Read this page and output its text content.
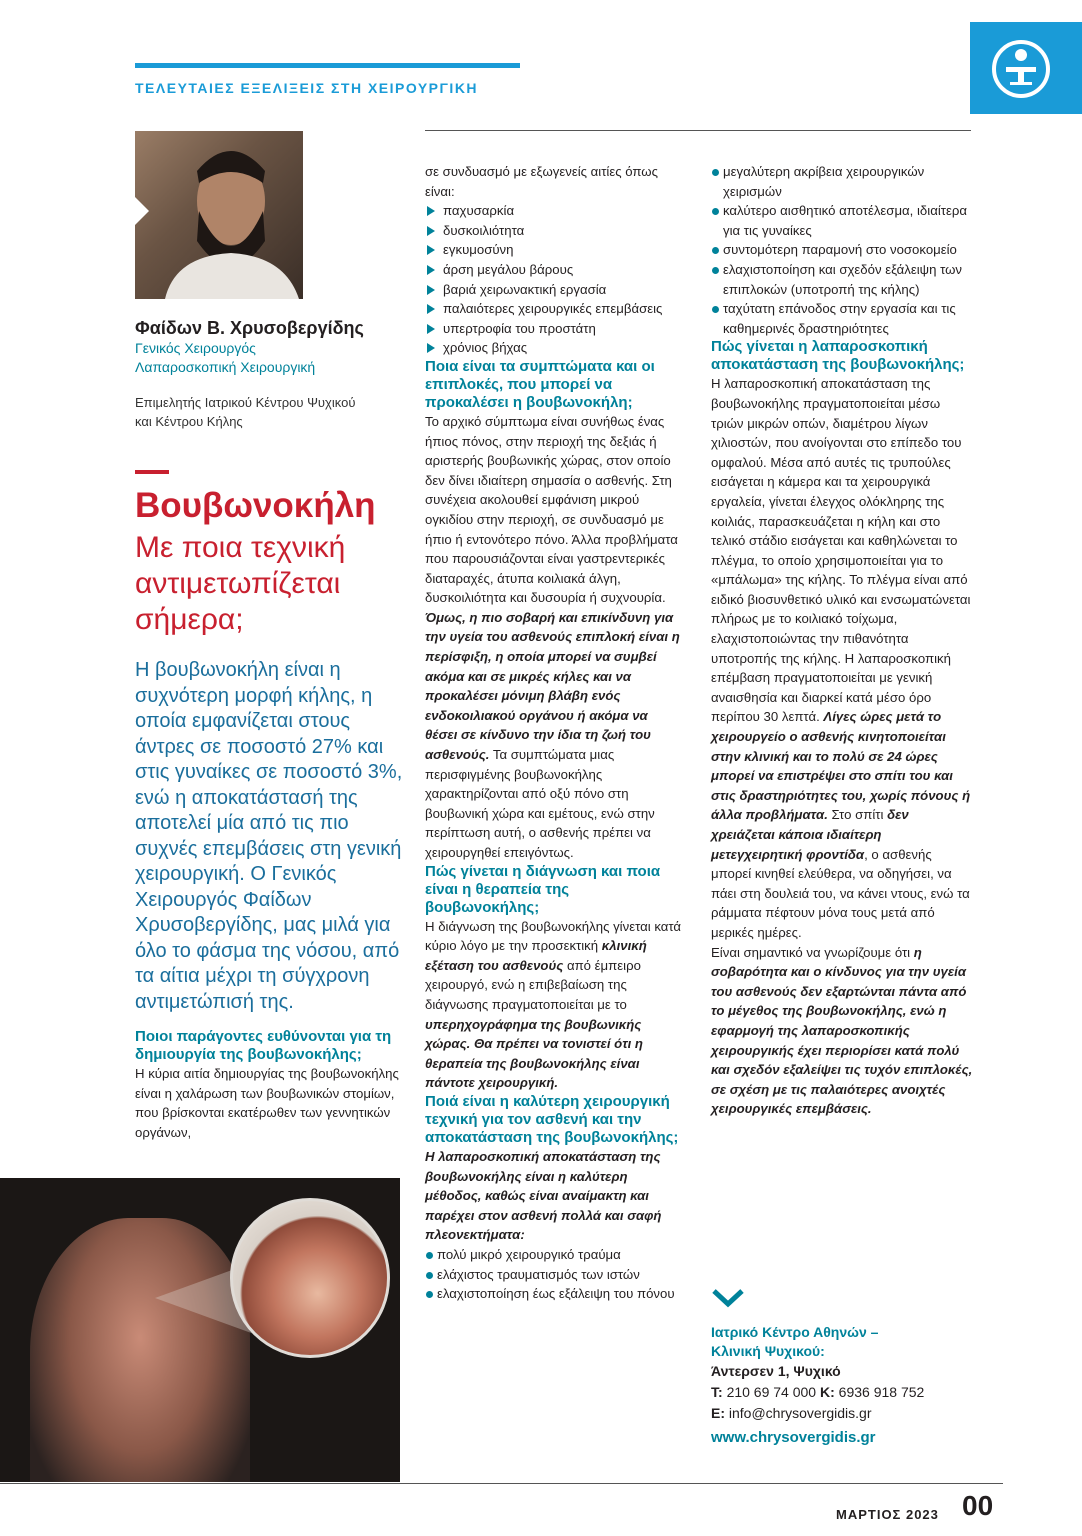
ΤΕΛΕΥΤΑΙΕΣ ΕΞΕΛΙΞΕΙΣ ΣΤΗ ΧΕΙΡΟΥΡΓΙΚΗ
Φαίδων Β. Χρυσοβεργίδης
Γενικός Χειρουργός
Λαπαροσκοπική Χειρουργική
Επιμελητής Ιατρικού Κέντρου Ψυχικού
και Κέντρου Κήλης
Βουβωνοκήλη
Με ποια τεχνική αντιμετωπίζεται σήμερα;
Η βουβωνοκήλη είναι η συχνότερη μορφή κήλης, η οποία εμφανίζεται στους άντρες σε ποσοστό 27% και στις γυναίκες σε ποσοστό 3%, ενώ η αποκατάστασή της αποτελεί μία από τις πιο συχνές επεμβάσεις στη γενική χειρουργική. Ο Γενικός Χειρουργός Φαίδων Χρυσοβεργίδης, μας μιλά για όλο το φάσμα της νόσου, από τα αίτια μέχρι τη σύγχρονη αντιμετώπισή της.
Ποιοι παράγοντες ευθύνονται για τη δημιουργία της βουβωνοκήλης;

Η κύρια αιτία δημιουργίας της βουβωνοκήλης είναι η χαλάρωση των βουβωνικών στομίων, που βρίσκονται εκατέρωθεν των γεννητικών οργάνων,

σε συνδυασμό με εξωγενείς αιτίες όπως είναι:

παχυσαρκία
δυσκοιλιότητα
εγκυμοσύνη
άρση μεγάλου βάρους
βαριά χειρωνακτική εργασία
παλαιότερες χειρουργικές επεμβάσεις
υπερτροφία του προστάτη
χρόνιος βήχας
Ποια είναι τα συμπτώματα και οι επιπλοκές, που μπορεί να προκαλέσει η βουβωνοκήλη;

Το αρχικό σύμπτωμα είναι συνήθως ένας ήπιος πόνος, στην περιοχή της δεξιάς ή αριστερής βουβωνικής χώρας, στον οποίο δεν δίνει ιδιαίτερη σημασία ο ασθενής. Στη συνέχεια ακολουθεί εμφάνιση μικρού ογκιδίου στην περιοχή, σε συνδυασμό με ήπιο ή εντονότερο πόνο. Άλλα προβλήματα που παρουσιάζονται είναι γαστρεντερικές διαταραχές, άτυπα κοιλιακά άλγη, δυσκοιλιότητα και δυσουρία ή συχνουρία.

Όμως, η πιο σοβαρή και επικίνδυνη για την υγεία του ασθενούς επιπλοκή είναι η περίσφιξη, η οποία μπορεί να συμβεί ακόμα και σε μικρές κήλες και να προκαλέσει μόνιμη βλάβη ενός ενδοκοιλιακού οργάνου ή ακόμα να θέσει σε κίνδυνο την ίδια τη ζωή του ασθενούς. Τα συμπτώματα μιας περισφιγμένης βουβωνοκήλης χαρακτηρίζονται από οξύ πόνο στη βουβωνική χώρα και εμέτους, ενώ στην περίπτωση αυτή, ο ασθενής πρέπει να χειρουργηθεί επειγόντως.

Πώς γίνεται η διάγνωση και ποια είναι η θεραπεία της βουβωνοκήλης;

Η διάγνωση της βουβωνοκήλης γίνεται κατά κύριο λόγο με την προσεκτική κλινική εξέταση του ασθενούς από έμπειρο χειρουργό, ενώ η επιβεβαίωση της διάγνωσης πραγματοποιείται με το υπερηχογράφημα της βουβωνικής χώρας. Θα πρέπει να τονιστεί ότι η θεραπεία της βουβωνοκήλης είναι πάντοτε χειρουργική.

Ποιά είναι η καλύτερη χειρουργική τεχνική για τον ασθενή και την αποκατάσταση της βουβωνοκήλης;

Η λαπαροσκοπική αποκατάσταση της βουβωνοκήλης είναι η καλύτερη μέθοδος, καθώς είναι αναίμακτη και παρέχει στον ασθενή πολλά και σαφή πλεονεκτήματα:

πολύ μικρό χειρουργικό τραύμα
ελάχιστος τραυματισμός των ιστών
ελαχιστοποίηση έως εξάλειψη του πόνου
μεγαλύτερη ακρίβεια χειρουργικών χειρισμών
καλύτερο αισθητικό αποτέλεσμα, ιδιαίτερα για τις γυναίκες
συντομότερη παραμονή στο νοσοκομείο
ελαχιστοποίηση και σχεδόν εξάλειψη των επιπλοκών (υποτροπή της κήλης)
ταχύτατη επάνοδος στην εργασία και τις καθημερινές δραστηριότητες
Πώς γίνεται η λαπαροσκοπική αποκατάσταση της βουβωνοκήλης;

Η λαπαροσκοπική αποκατάσταση της βουβωνοκήλης πραγματοποιείται μέσω τριών μικρών οπών, διαμέτρου λίγων χιλιοστών, που ανοίγονται στο επίπεδο του ομφαλού. Μέσα από αυτές τις τρυπούλες εισάγεται η κάμερα και τα χειρουργικά εργαλεία, γίνεται έλεγχος ολόκληρης της κοιλιάς, παρασκευάζεται η κήλη και στο τελικό στάδιο εισάγεται και καθηλώνεται το πλέγμα, το οποίο χρησιμοποιείται για το «μπάλωμα» της κήλης. Το πλέγμα είναι από ειδικό βιοσυνθετικό υλικό και ενσωματώνεται πλήρως με το κοιλιακό τοίχωμα, ελαχιστοποιώντας την πιθανότητα υποτροπής της κήλης. Η λαπαροσκοπική επέμβαση πραγματοποιείται με γενική αναισθησία και διαρκεί κατά μέσο όρο περίπου 30 λεπτά. Λίγες ώρες μετά το χειρουργείο ο ασθενής κινητοποιείται στην κλινική και το πολύ σε 24 ώρες μπορεί να επιστρέψει στο σπίτι του και στις δραστηριότητες του, χωρίς πόνους ή άλλα προβλήματα. Στο σπίτι δεν χρειάζεται κάποια ιδιαίτερη μετεγχειρητική φροντίδα, ο ασθενής μπορεί κινηθεί ελεύθερα, να οδηγήσει, να πάει στη δουλειά του, να κάνει ντους, ενώ τα ράμματα πέφτουν μόνα τους μετά από μερικές ημέρες.

Είναι σημαντικό να γνωρίζουμε ότι η σοβαρότητα και ο κίνδυνος για την υγεία του ασθενούς δεν εξαρτώνται πάντα από το μέγεθος της βουβωνοκήλης, ενώ η εφαρμογή της λαπαροσκοπικής χειρουργικής έχει περιορίσει κατά πολύ και σχεδόν εξαλείψει τις τυχόν επιπλοκές, σε σχέση με τις παλαιότερες ανοιχτές χειρουργικές επεμβάσεις.

Ιατρικό Κέντρο Αθηνών –
Κλινική Ψυχικού:
Άντερσεν 1, Ψυχικό
T: 210 69 74 000 K: 6936 918 752
E: info@chrysovergidis.gr
www.chrysovergidis.gr
ΜΑΡΤΙΟΣ 2023 00
